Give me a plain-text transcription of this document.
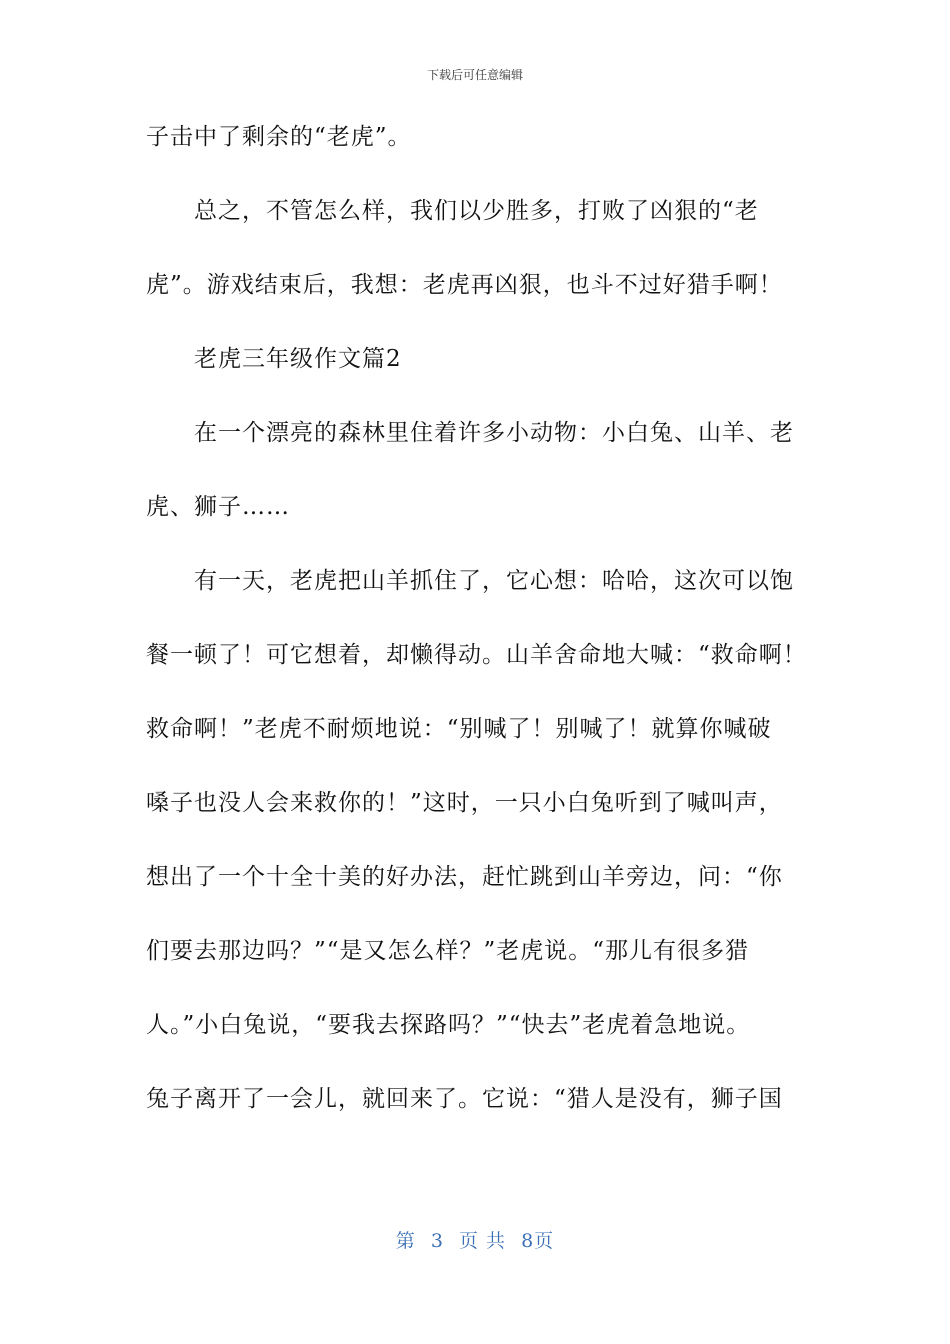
下载后可任意编辑
子击中了剩余的“老虎”。
总之，不管怎么样，我们以少胜多，打败了凶狠的“老
虎”。游戏结束后，我想：老虎再凶狠，也斗不过好猎手啊！
老虎三年级作文篇2
在一个漂亮的森林里住着许多小动物：小白兔、山羊、老
虎、狮子……
有一天，老虎把山羊抓住了，它心想：哈哈，这次可以饱
餐一顿了！可它想着，却懒得动。山羊舍命地大喊：“救命啊！
救命啊！”老虎不耐烦地说：“别喊了！别喊了！就算你喊破
嗓子也没人会来救你的！”这时，一只小白兔听到了喊叫声，
想出了一个十全十美的好办法，赶忙跳到山羊旁边，问：“你
们要去那边吗？”“是又怎么样？”老虎说。“那儿有很多猎
人。”小白兔说，“要我去探路吗？”“快去”老虎着急地说。
兔子离开了一会儿，就回来了。它说：“猎人是没有，狮子国
第 3 页 共 8页
